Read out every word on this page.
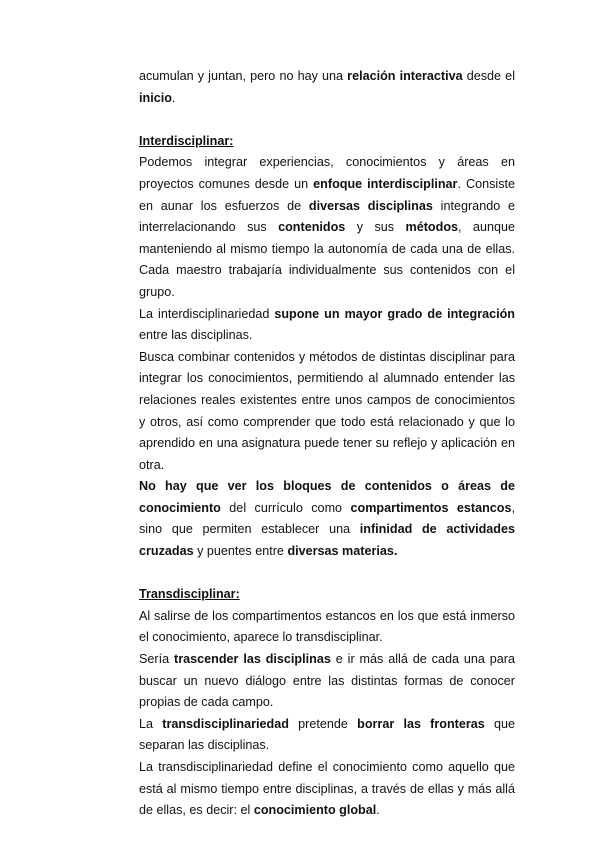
acumulan y juntan, pero no hay una relación interactiva desde el inicio.

Interdisciplinar:

Podemos integrar experiencias, conocimientos y áreas en proyectos comunes desde un enfoque interdisciplinar. Consiste en aunar los esfuerzos de diversas disciplinas integrando e interrelacionando sus contenidos y sus métodos, aunque manteniendo al mismo tiempo la autonomía de cada una de ellas. Cada maestro trabajaría individualmente sus contenidos con el grupo.

La interdisciplinariedad supone un mayor grado de integración entre las disciplinas.

Busca combinar contenidos y métodos de distintas disciplinar para integrar los conocimientos, permitiendo al alumnado entender las relaciones reales existentes entre unos campos de conocimientos y otros, así como comprender que todo está relacionado y que lo aprendido en una asignatura puede tener su reflejo y aplicación en otra.

No hay que ver los bloques de contenidos o áreas de conocimiento del currículo como compartimentos estancos, sino que permiten establecer una infinidad de actividades cruzadas y puentes entre diversas materias.

Transdisciplinar:

Al salirse de los compartimentos estancos en los que está inmerso el conocimiento, aparece lo transdisciplinar.

Sería trascender las disciplinas e ir más allá de cada una para buscar un nuevo diálogo entre las distintas formas de conocer propias de cada campo.

La transdisciplinariedad pretende borrar las fronteras que separan las disciplinas.

La transdisciplinariedad define el conocimiento como aquello que está al mismo tiempo entre disciplinas, a través de ellas y más allá de ellas, es decir: el conocimiento global.
